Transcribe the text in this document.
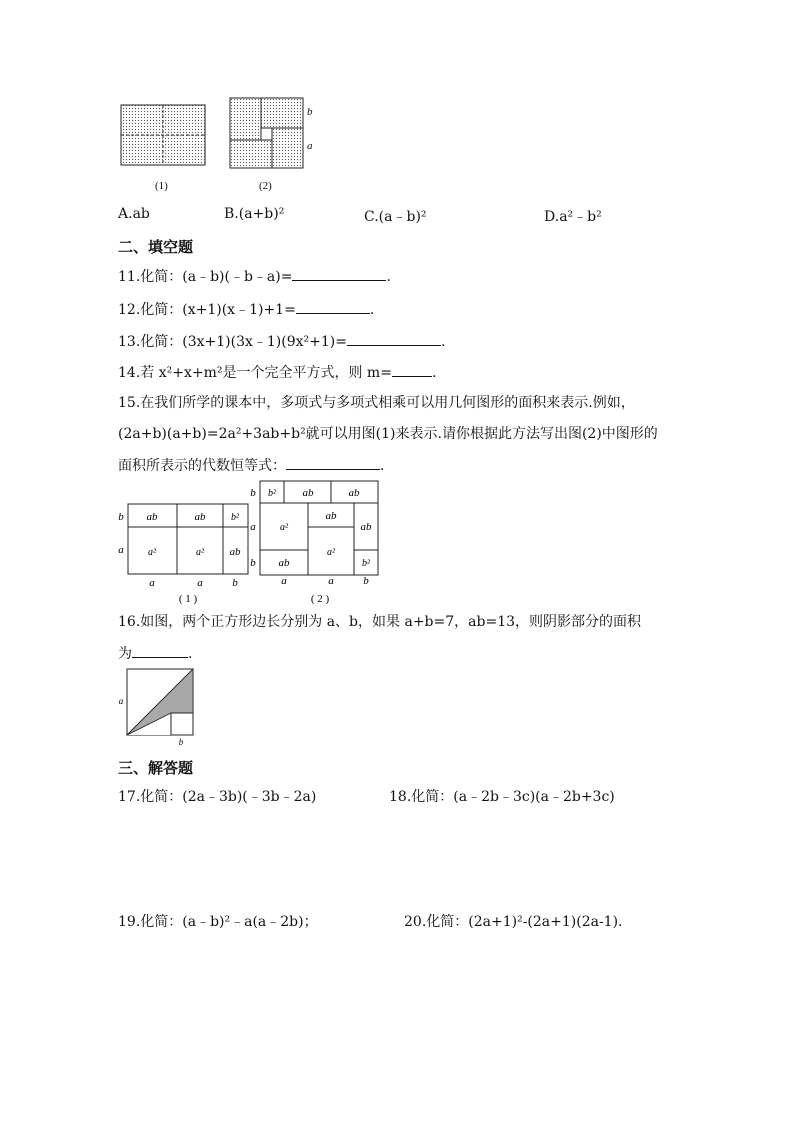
(1)	(2)
b
a
A.ab	B.(a+b)²	C.(a﹣b)²	D.a²﹣b²
二、填空题
11.化简：(a﹣b)(﹣b﹣a)=	.
12.化简：(x+1)(x﹣1)+1=	.
13.化简：(3x+1)(3x﹣1)(9x²+1)=	.
14.若 x²+x+m²是一个完全平方式，则 m=	.
15.在我们所学的课本中，多项式与多项式相乘可以用几何图形的面积来表示.例如，
(2a+b)(a+b)=2a²+3ab+b²就可以用图(1)来表示.请你根据此方法写出图(2)中图形的
面积所表示的代数恒等式：	.
ab	ab	b²
a²	a² ab
b
a
a	a	b
( 1 )
b² ab	ab
a²
ab
ab
a²
ab
b²
b
a
b
a	a	b
( 2 )
16.如图，两个正方形边长分别为 a、b，如果 a+b=7，ab=13，则阴影部分的面积
为	.
a
b
三、解答题
17.化简：(2a﹣3b)(﹣3b﹣2a)	18.化简：(a﹣2b﹣3c)(a﹣2b+3c)
19.化简：(a﹣b)²﹣a(a﹣2b)；	20.化简：(2a+1)²-(2a+1)(2a-1).
